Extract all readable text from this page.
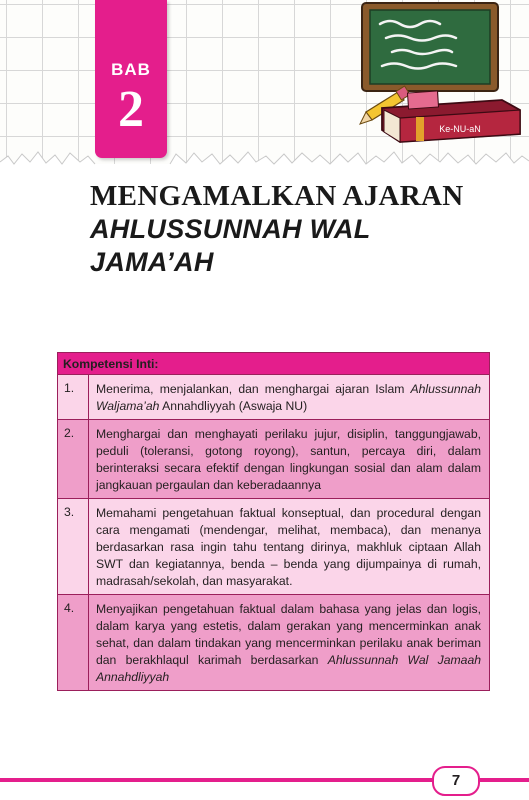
BAB
2	Ke-NU-aN
MENGAMALKAN AJARAN
AHLUSSUNNAH WAL
JAMA’AH
Kompetensi Inti:	
1.	Menerima, menjalankan, dan menghargai ajaran Islam Ahlussunnah Waljama’ah Annahdliyyah (Aswaja NU)
2.	Menghargai dan menghayati perilaku jujur, disiplin, tanggungjawab, peduli (toleransi, gotong royong), santun, percaya diri, dalam berinteraksi secara efektif dengan lingkungan sosial dan alam dalam jangkauan pergaulan dan keberadaannya
3.	Memahami pengetahuan faktual konseptual, dan procedural dengan cara mengamati (mendengar, melihat, membaca), dan menanya berdasarkan rasa ingin tahu tentang dirinya, makhluk ciptaan Allah SWT dan kegiatannya, benda – benda yang dijumpainya di rumah, madrasah/sekolah, dan masyarakat.
4.	Menyajikan pengetahuan faktual dalam bahasa yang jelas dan logis, dalam karya yang estetis, dalam gerakan yang mencerminkan anak sehat, dan dalam tindakan yang mencerminkan perilaku anak beriman dan berakhlaqul karimah berdasarkan Ahlussunnah Wal Jamaah Annahdliyyah
7
